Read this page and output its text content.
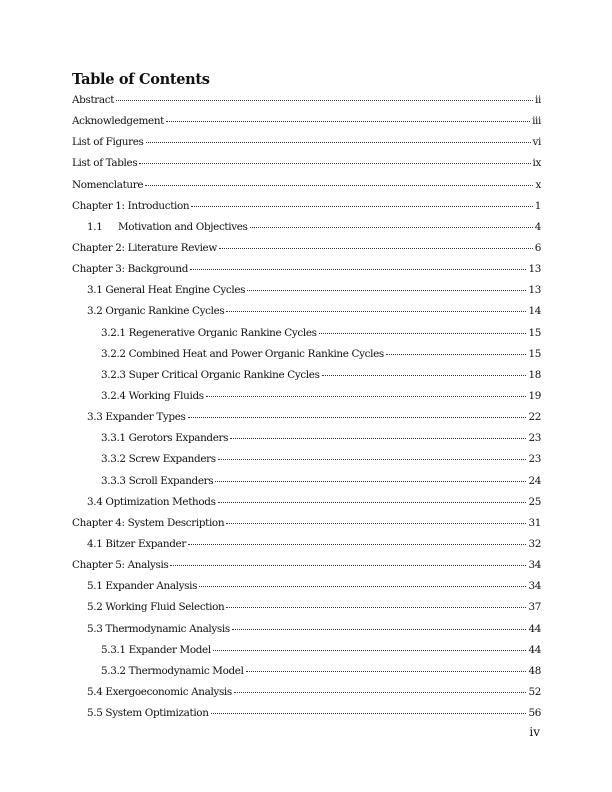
Table of Contents
Abstract	ii
Acknowledgement	iii
List of Figures	vi
List of Tables	ix
Nomenclature	x
Chapter 1: Introduction	1
1.1	Motivation and Objectives	4
Chapter 2: Literature Review	6
Chapter 3: Background	13
3.1 General Heat Engine Cycles	13
3.2 Organic Rankine Cycles	14
3.2.1 Regenerative Organic Rankine Cycles	15
3.2.2 Combined Heat and Power Organic Rankine Cycles	15
3.2.3 Super Critical Organic Rankine Cycles	18
3.2.4 Working Fluids	19
3.3 Expander Types	22
3.3.1 Gerotors Expanders	23
3.3.2 Screw Expanders	23
3.3.3 Scroll Expanders	24
3.4 Optimization Methods	25
Chapter 4: System Description	31
4.1 Bitzer Expander	32
Chapter 5: Analysis	34
5.1 Expander Analysis	34
5.2 Working Fluid Selection	37
5.3 Thermodynamic Analysis	44
5.3.1 Expander Model	44
5.3.2 Thermodynamic Model	48
5.4 Exergoeconomic Analysis	52
5.5 System Optimization	56
iv
